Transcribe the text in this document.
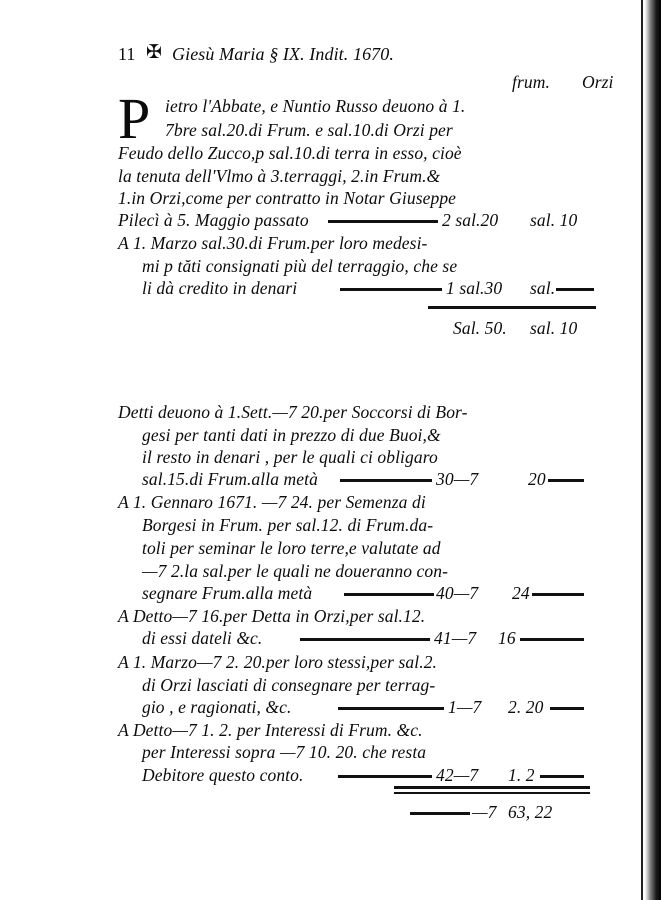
11 ✠ Giesù Maria § IX. Indit. 1670.
frum. Orzi
P ietro l'Abbate, e Nuntio Russo deuono à 1.
7bre sal.20.di Frum. e sal.10.di Orzi per
Feudo dello Zucco,p sal.10.di terra in esso, cioè
la tenuta dell'Vlmo à 3.terraggi, 2.in Frum.&
1.in Orzi,come per contratto in Notar Giuseppe
Pilecì à 5. Maggio passato	2 sal.20 sal. 10
A 1. Marzo sal.30.di Frum.per loro medesi-
mi p tăti consignati più del terraggio, che se
li dà credito in denari	1 sal.30 sal.
Sal. 50. sal. 10
Detti deuono à 1.Sett.—7 20.per Soccorsi di Bor-
gesi per tanti dati in prezzo di due Buoi,&
il resto in denari , per le quali ci obligaro
sal.15.di Frum.alla metà	30—7	20
A 1. Gennaro 1671. —7 24. per Semenza di
Borgesi in Frum. per sal.12. di Frum.da-
toli per seminar le loro terre,e valutate ad
—7 2.la sal.per le quali ne doueranno con-
segnare Frum.alla metà	40—7 24
A Detto—7 16.per Detta in Orzi,per sal.12.
di essi dateli &c.	41—7 16
A 1. Marzo—7 2. 20.per loro stessi,per sal.2.
di Orzi lasciati di consegnare per terrag-
gio , e ragionati, &c.	1—7 2. 20
A Detto—7 1. 2. per Interessi di Frum. &c.
per Interessi sopra —7 10. 20. che resta
Debitore questo conto.	42—7 1. 2
—7 63, 22
